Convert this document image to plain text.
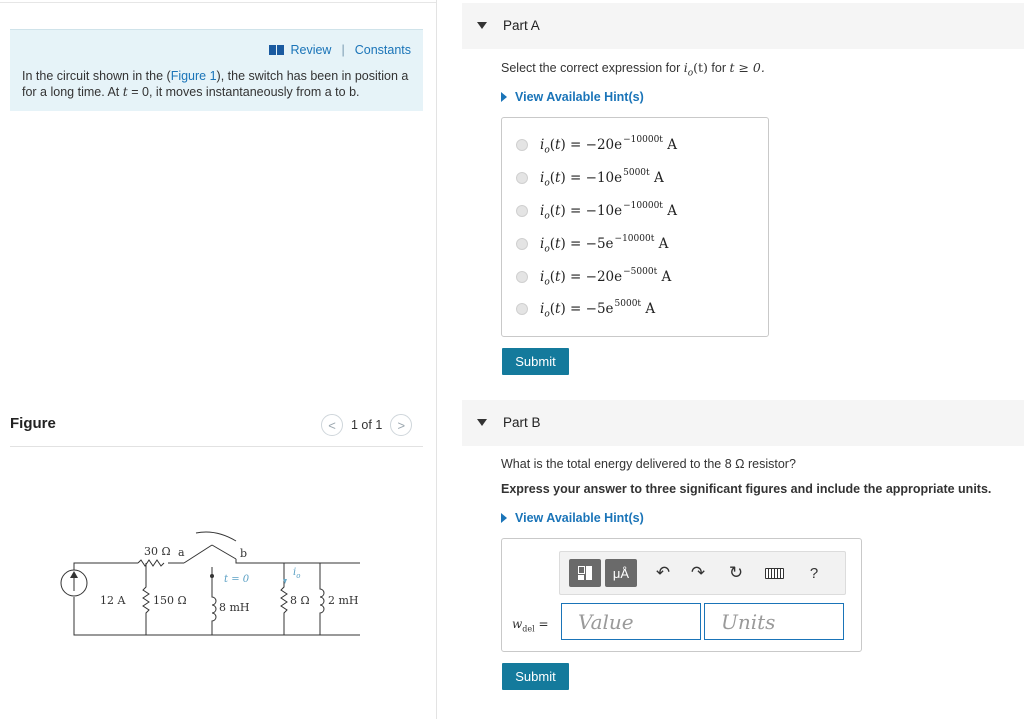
Review | Constants
In the circuit shown in the (Figure 1), the switch has been in position a for a long time. At t = 0, it moves instantaneously from a to b.
Figure	< 1 of 1 >
30 Ω a	b
t = 0
$i_o$
12 A	150 Ω
8 mH
8 Ω 2 mH
Part A
Select the correct expression for $i_o(t)$ for t ≥ 0.
View Available Hint(s)
$i_o(t) = -20e^{-10000t}$ A
$i_o(t) = -10e^{5000t}$ A
$i_o(t) = -10e^{-10000t}$ A
$i_o(t) = -5e^{-10000t}$ A
$i_o(t) = -20e^{-5000t}$ A
$i_o(t) = -5e^{5000t}$ A
Submit
Part B
What is the total energy delivered to the 8 Ω resistor?
Express your answer to three significant figures and include the appropriate units.
View Available Hint(s)
μÅ	↶ ↷ ↻	?
$w_{del}$ =	Value	Units
Submit
